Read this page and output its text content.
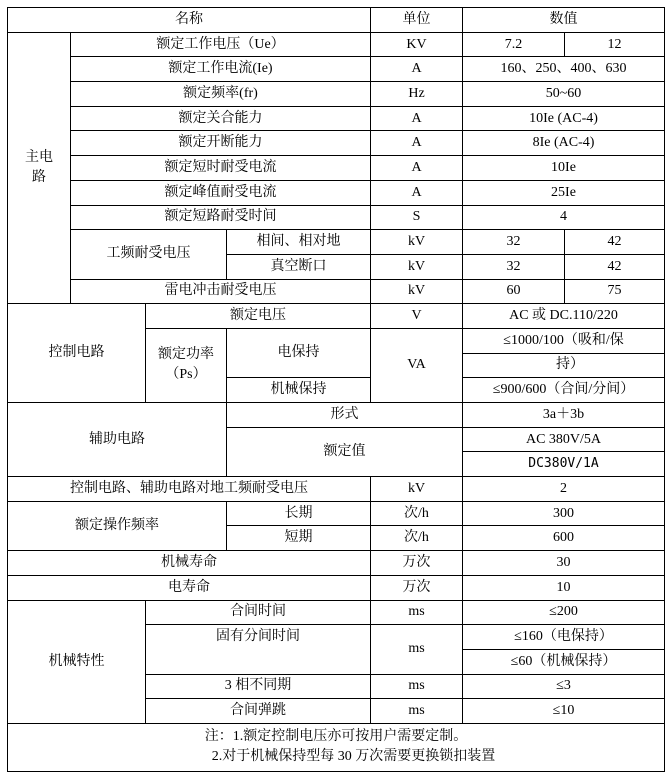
名称				单位	数值	

主电
路	额定工作电压（Ue）			KV	7.2	12
	额定工作电流(Ie)			A	160、250、400、630	
	额定频率(fr)			Hz	50~60	
	额定关合能力			A	10Ie (AC-4)	
	额定开断能力			A	8Ie (AC-4)	
	额定短时耐受电流			A	10Ie	
	额定峰值耐受电流			A	25Ie	
	额定短路耐受时间			S	4	
	工频耐受电压		相间、相对地	kV	32	42
			真空断口	kV	32	42
	雷电冲击耐受电压			kV	60	75
控制电路		额定电压		V	AC 或 DC.110/220	
		额定功率（Ps）	电保持	VA	≤1000/100（吸和/保	
					持）	
			机械保持		≤900/600（合间/分间）	
辅助电路			形式		3a＋3b	
			额定值		AC 380V/5A	
					DC380V/1A	
控制电路、辅助电路对地工频耐受电压				kV	2	
额定操作频率			长期	次/h	300	
			短期	次/h	600	
机械寿命				万次	30	
电寿命				万次	10	
机械特性		合间时间		ms	≤200	
		固有分间时间		ms	≤160（电保持）	
					≤60（机械保持）	
		3 相不同期		ms	≤3	
		合间弹跳		ms	≤10	

注：1.额定控制电压亦可按用户需要定制。
2.对于机械保持型每 30 万次需要更换锁扣装置						
